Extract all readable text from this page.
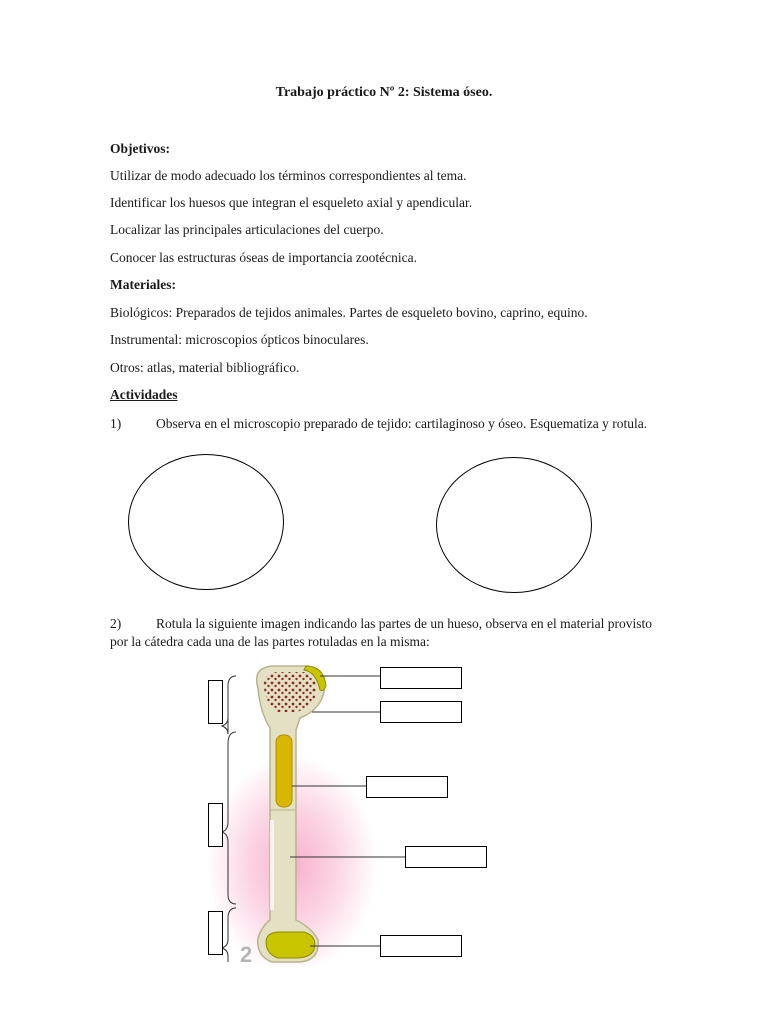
Trabajo práctico Nº 2: Sistema óseo.
Objetivos:
Utilizar de modo adecuado los términos correspondientes al tema.
Identificar los huesos que integran el esqueleto axial y apendicular.
Localizar las principales articulaciones del cuerpo.
Conocer las estructuras óseas de importancia zootécnica.
Materiales:
Biológicos: Preparados de tejidos animales. Partes de esqueleto bovino, caprino, equino.
Instrumental: microscopios ópticos binoculares.
Otros: atlas, material bibliográfico.
Actividades
1)	Observa en el microscopio preparado de tejido: cartilaginoso y óseo. Esquematiza y rotula.
2)	Rotula la siguiente imagen indicando las partes de un hueso, observa en el material provisto por la cátedra cada una de las partes rotuladas en la misma:
2
